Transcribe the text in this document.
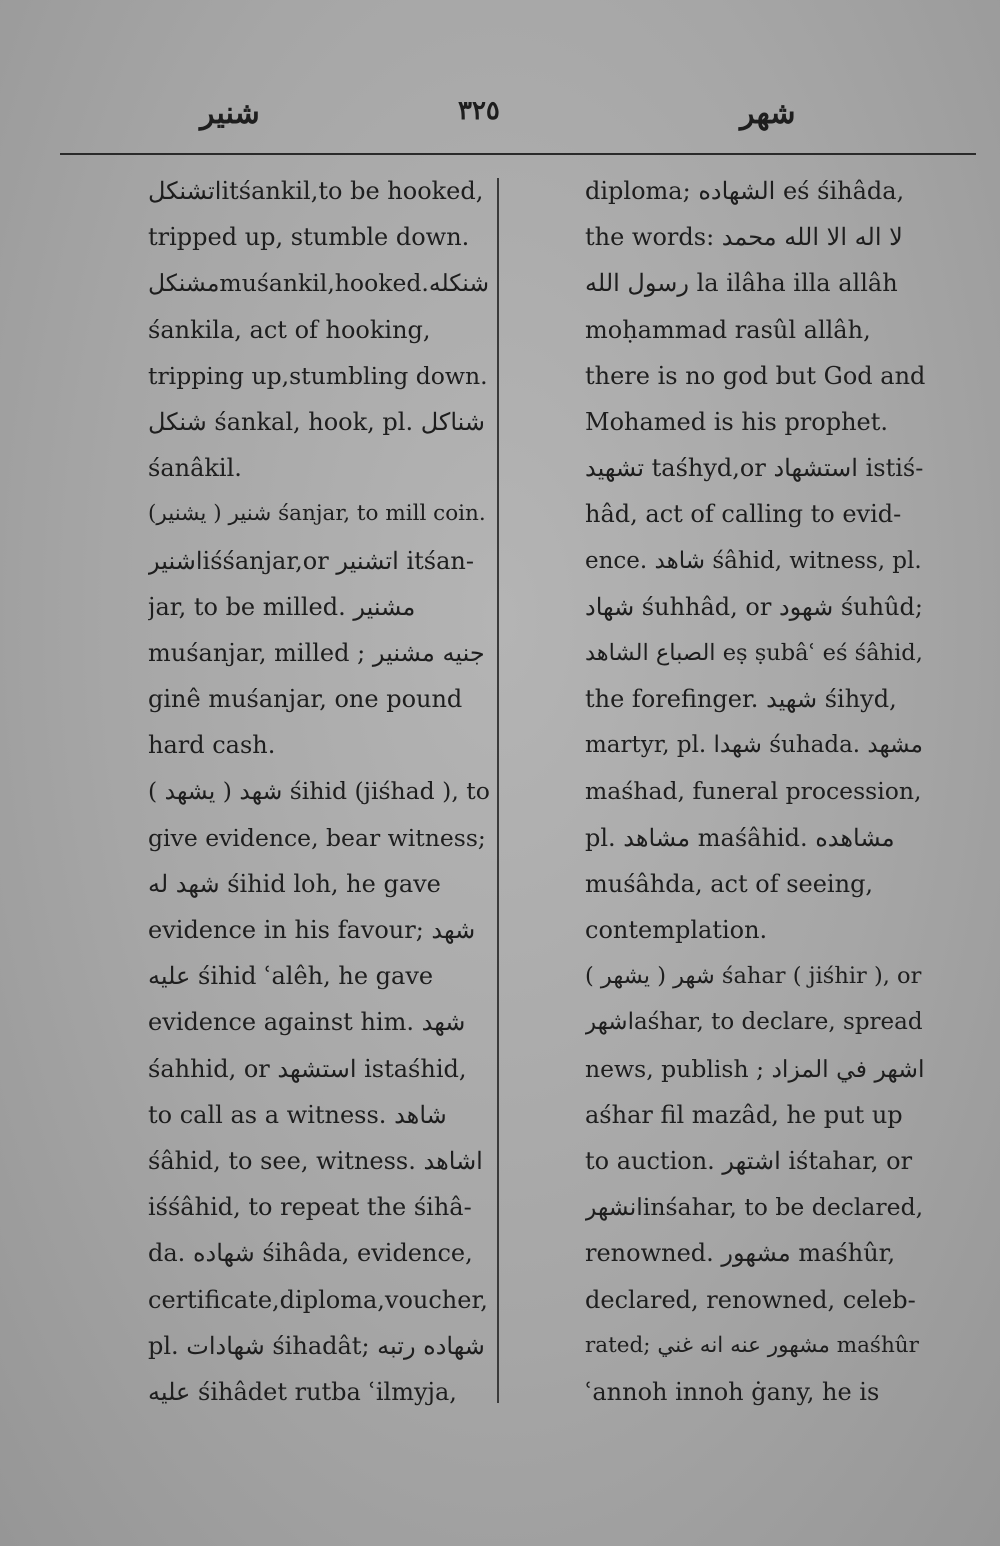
شنير	٣٢٥	شهر
اتشنكلitśankil,to be hooked,
tripped up, stumble down.
مشنكلmuśankil,hooked.شنكله
śankila, act of hooking,
tripping up,stumbling down.
شنكل śankal, hook, pl. شناكل
śanâkil.
شنير ( يشنير) śanjar, to mill coin.
اشنيرiśśanjar,or اتشنير itśan-
jar, to be milled. مشنير
muśanjar, milled ; جنيه مشنير
ginê muśanjar, one pound
hard cash.
شهد ( يشهد ) śihid (jiśhad ), to
give evidence, bear witness;
شهد له śihid loh, he gave
evidence in his favour; شهد
عليه śihid ʿalêh, he gave
evidence against him. شهد
śahhid, or استشهد istaśhid,
to call as a witness. شاهد
śâhid, to see, witness. اشاهد
iśśâhid, to repeat the śihâ-
da. شهاده śihâda, evidence,
certificate,diploma,voucher,
pl. شهادات śihadât; شهاده رتبه
عليه śihâdet rutba ʿilmyja,
diploma; الشهاده eś śihâda,
the words: لا اله الا الله محمد
رسول الله la ilâha illa allâh
moḥammad rasûl allâh,
there is no god but God and
Mohamed is his prophet.
تشهيد taśhyd,or استشهاد istiś-
hâd, act of calling to evid-
ence. شاهد śâhid, witness, pl.
شهاد śuhhâd, or شهود śuhûd;
الصباع الشاهد eṣ ṣubâʿ eś śâhid,
the forefinger. شهيد śihyd,
martyr, pl. شهدا śuhada. مشهد
maśhad, funeral procession,
pl. مشاهد maśâhid. مشاهده
muśâhda, act of seeing,
contemplation.
شهر ( يشهر ) śahar ( jiśhir ), or
اشهرaśhar, to declare, spread
news, publish ; اشهر في المزاد
aśhar fil mazâd, he put up
to auction. اشتهر iśtahar, or
انشهرinśahar, to be declared,
renowned. مشهور maśhûr,
declared, renowned, celeb-
rated; مشهور عنه انه غني maśhûr
ʿannoh innoh ġany, he is
